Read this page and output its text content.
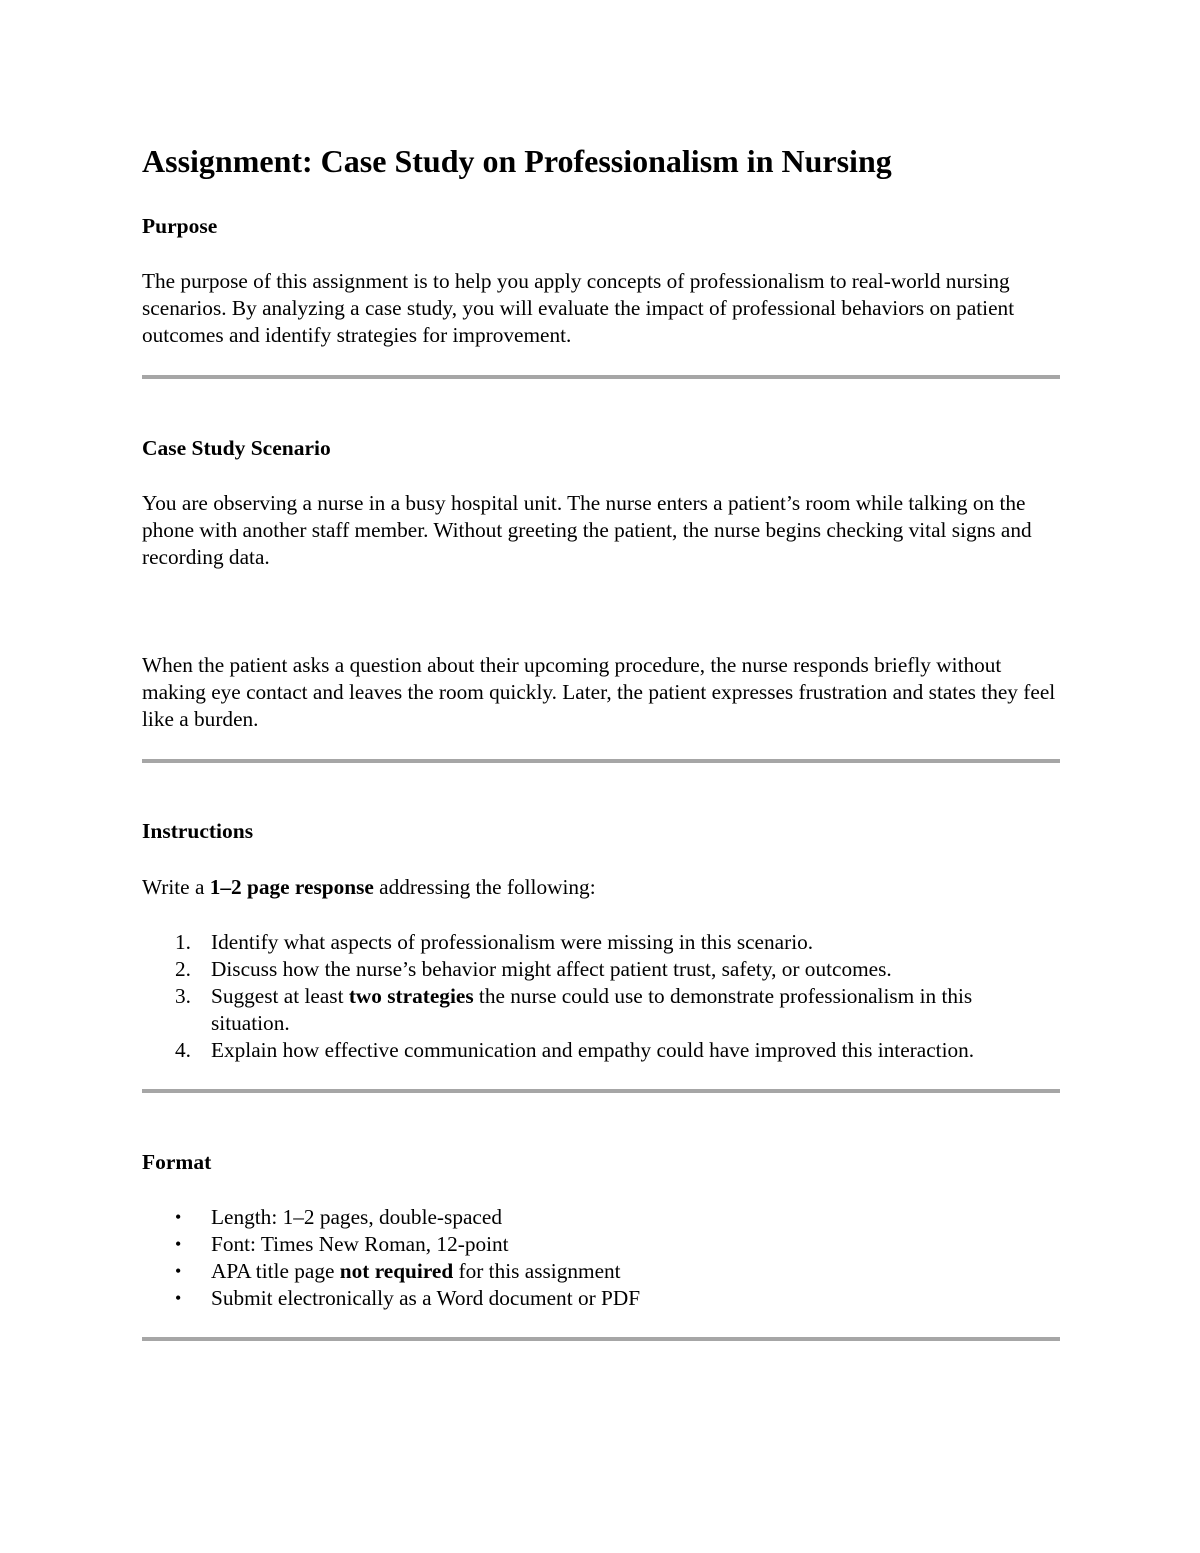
Assignment: Case Study on Professionalism in Nursing
Purpose

The purpose of this assignment is to help you apply concepts of professionalism to real-world nursing scenarios. By analyzing a case study, you will evaluate the impact of professional behaviors on patient outcomes and identify strategies for improvement.

Case Study Scenario

You are observing a nurse in a busy hospital unit. The nurse enters a patient’s room while talking on the phone with another staff member. Without greeting the patient, the nurse begins checking vital signs and recording data.

When the patient asks a question about their upcoming procedure, the nurse responds briefly without making eye contact and leaves the room quickly. Later, the patient expresses frustration and states they feel like a burden.

Instructions

Write a 1–2 page response addressing the following:

1. Identify what aspects of professionalism were missing in this scenario.
2. Discuss how the nurse’s behavior might affect patient trust, safety, or outcomes.
3. Suggest at least two strategies the nurse could use to demonstrate professionalism in this situation.
4. Explain how effective communication and empathy could have improved this interaction.
Format
• Length: 1–2 pages, double-spaced
• Font: Times New Roman, 12-point
• APA title page not required for this assignment
• Submit electronically as a Word document or PDF
